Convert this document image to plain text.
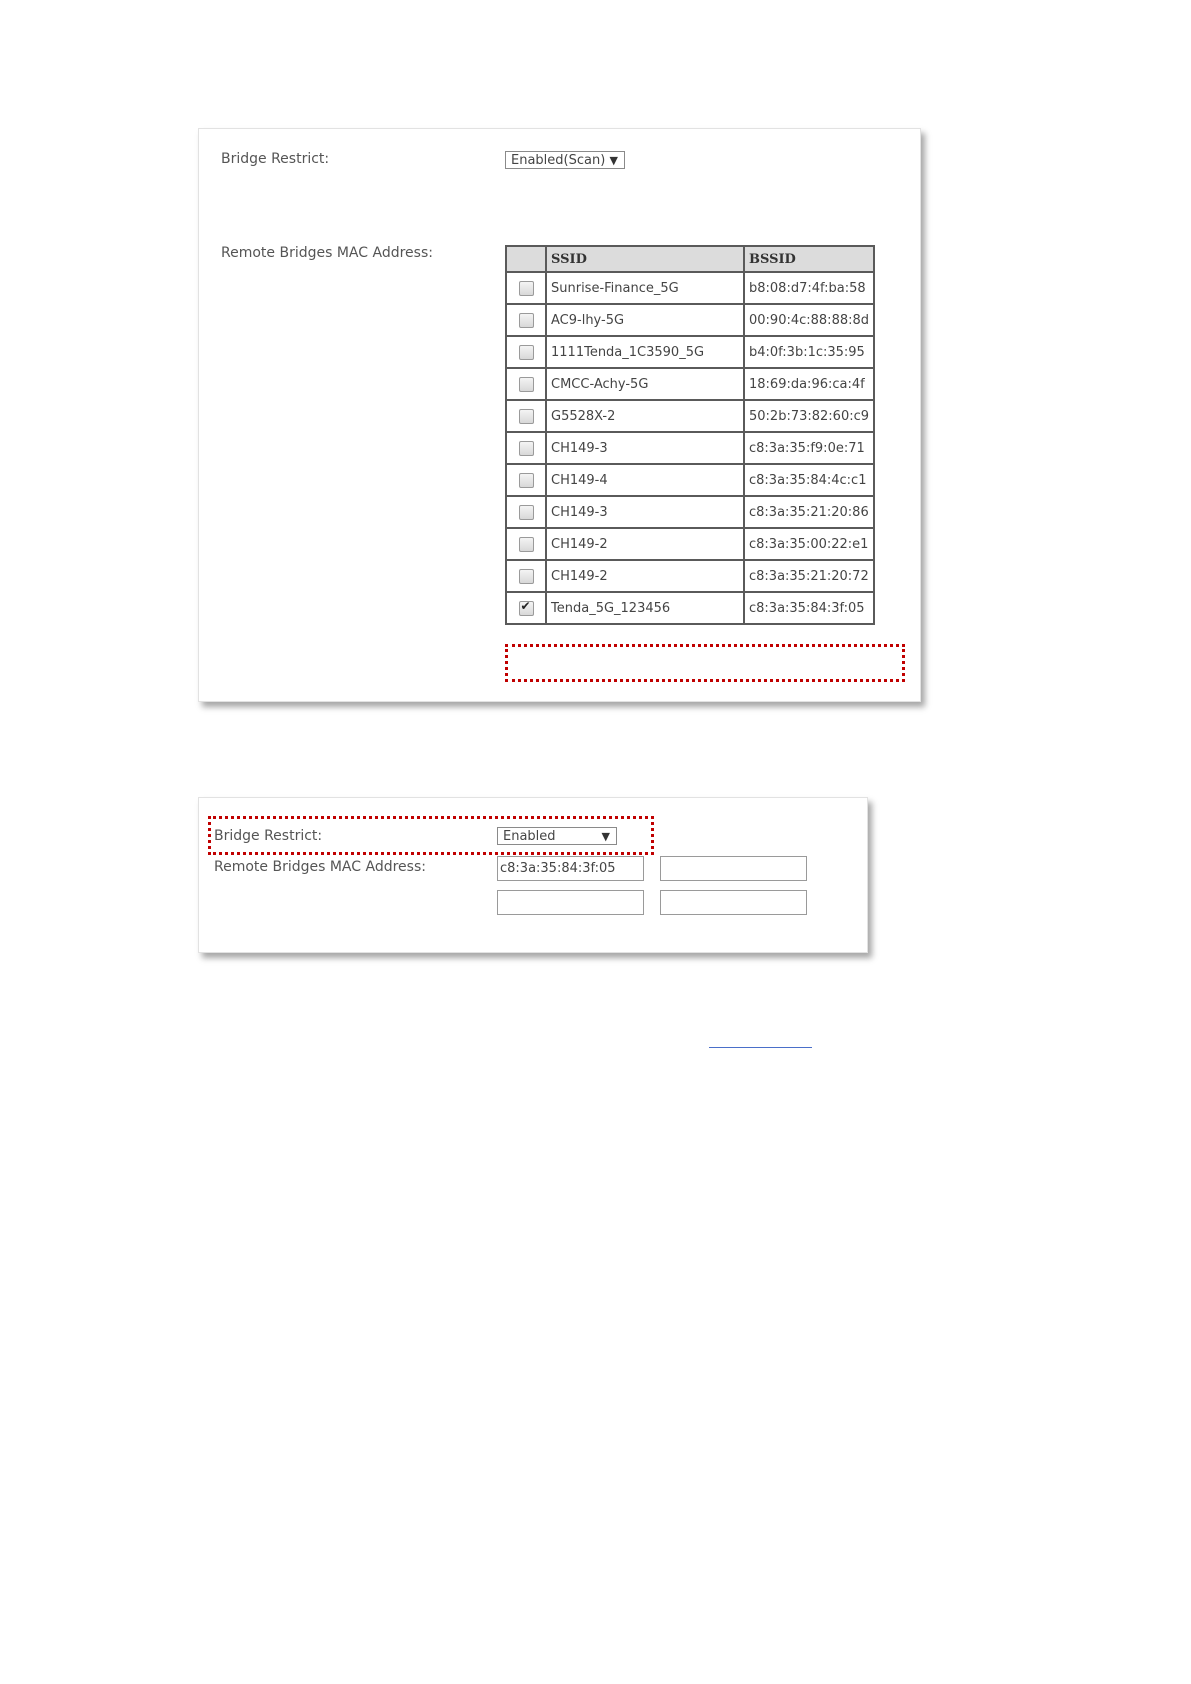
Bridge Restrict:	Enabled(Scan) ▼
Remote Bridges MAC Address:
		SSID	BSSID
	Sunrise-Finance_5G	b8:08:d7:4f:ba:58
	AC9-lhy-5G	00:90:4c:88:88:8d
	1111Tenda_1C3590_5G	b4:0f:3b:1c:35:95
	CMCC-Achy-5G	18:69:da:96:ca:4f
	G5528X-2	50:2b:73:82:60:c9
	CH149-3	c8:3a:35:f9:0e:71
	CH149-4	c8:3a:35:84:4c:c1
	CH149-3	c8:3a:35:21:20:86
	CH149-2	c8:3a:35:00:22:e1
	CH149-2	c8:3a:35:21:20:72
✔	Tenda_5G_123456	c8:3a:35:84:3f:05
Bridge Restrict:	Enabled	▼
Remote Bridges MAC Address:
c8:3a:35:84:3f:05
